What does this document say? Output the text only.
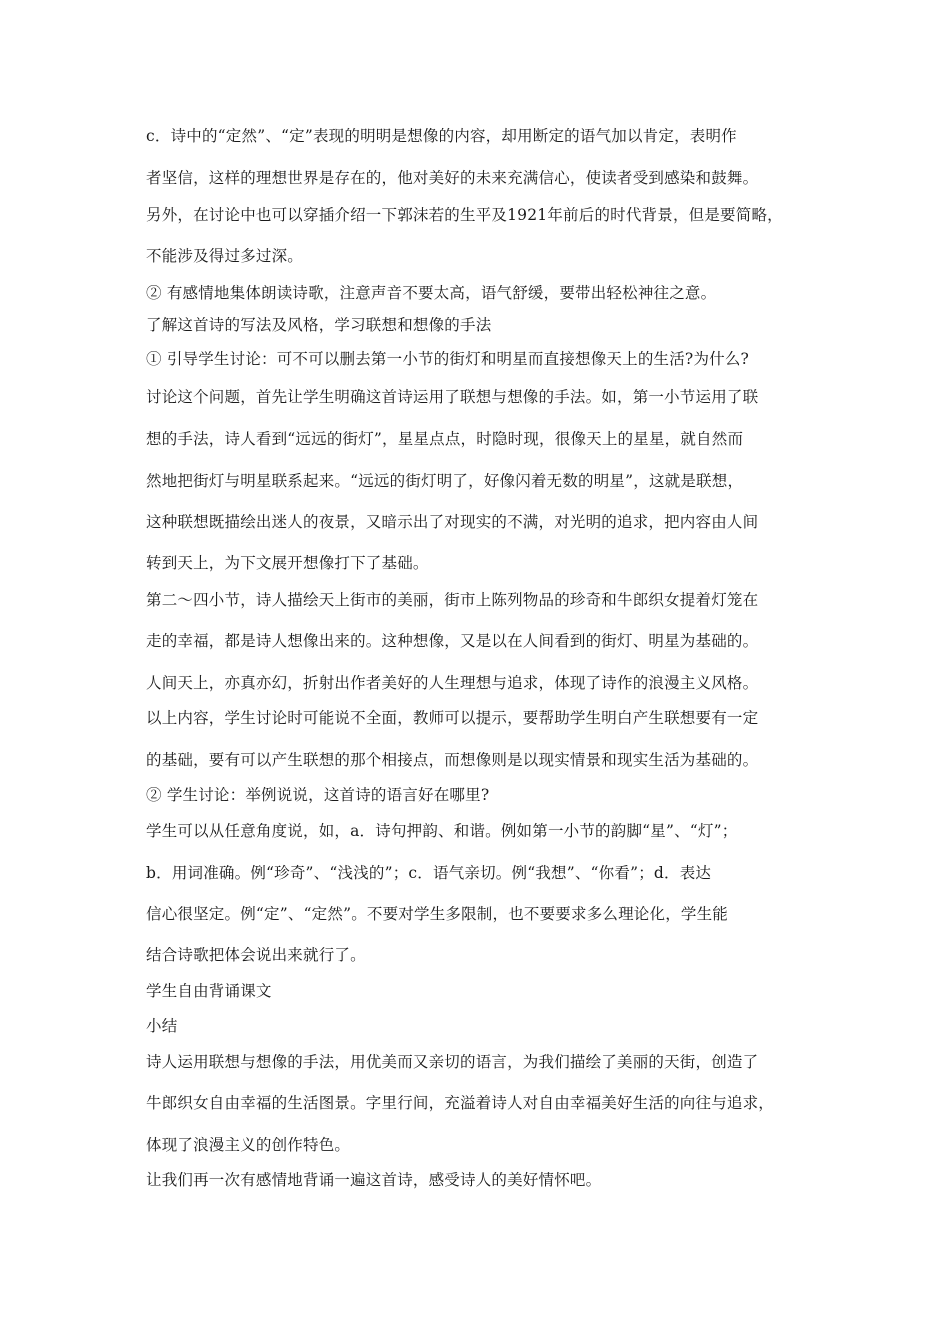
c．诗中的“定然”、“定”表现的明明是想像的内容，却用断定的语气加以肯定，表明作
者坚信，这样的理想世界是存在的，他对美好的未来充满信心，使读者受到感染和鼓舞。
另外，在讨论中也可以穿插介绍一下郭沫若的生平及1921年前后的时代背景，但是要简略，
不能涉及得过多过深。
② 有感情地集体朗读诗歌，注意声音不要太高，语气舒缓，要带出轻松神往之意。
了解这首诗的写法及风格，学习联想和想像的手法
① 引导学生讨论：可不可以删去第一小节的街灯和明星而直接想像天上的生活?为什么?
讨论这个问题，首先让学生明确这首诗运用了联想与想像的手法。如，第一小节运用了联
想的手法，诗人看到“远远的街灯”，星星点点，时隐时现，很像天上的星星，就自然而
然地把街灯与明星联系起来。“远远的街灯明了，好像闪着无数的明星”，这就是联想，
这种联想既描绘出迷人的夜景，又暗示出了对现实的不满，对光明的追求，把内容由人间
转到天上，为下文展开想像打下了基础。
第二～四小节，诗人描绘天上街市的美丽，街市上陈列物品的珍奇和牛郎织女提着灯笼在
走的幸福，都是诗人想像出来的。这种想像，又是以在人间看到的街灯、明星为基础的。
人间天上，亦真亦幻，折射出作者美好的人生理想与追求，体现了诗作的浪漫主义风格。
以上内容，学生讨论时可能说不全面，教师可以提示，要帮助学生明白产生联想要有一定
的基础，要有可以产生联想的那个相接点，而想像则是以现实情景和现实生活为基础的。
② 学生讨论：举例说说，这首诗的语言好在哪里?
学生可以从任意角度说，如，a．诗句押韵、和谐。例如第一小节的韵脚“星”、“灯”；
b．用词准确。例“珍奇”、“浅浅的”；c．语气亲切。例“我想”、“你看”；d．表达
信心很坚定。例“定”、“定然”。不要对学生多限制，也不要要求多么理论化，学生能
结合诗歌把体会说出来就行了。
学生自由背诵课文
小结
诗人运用联想与想像的手法，用优美而又亲切的语言，为我们描绘了美丽的天街，创造了
牛郎织女自由幸福的生活图景。字里行间，充溢着诗人对自由幸福美好生活的向往与追求，
体现了浪漫主义的创作特色。
让我们再一次有感情地背诵一遍这首诗，感受诗人的美好情怀吧。
